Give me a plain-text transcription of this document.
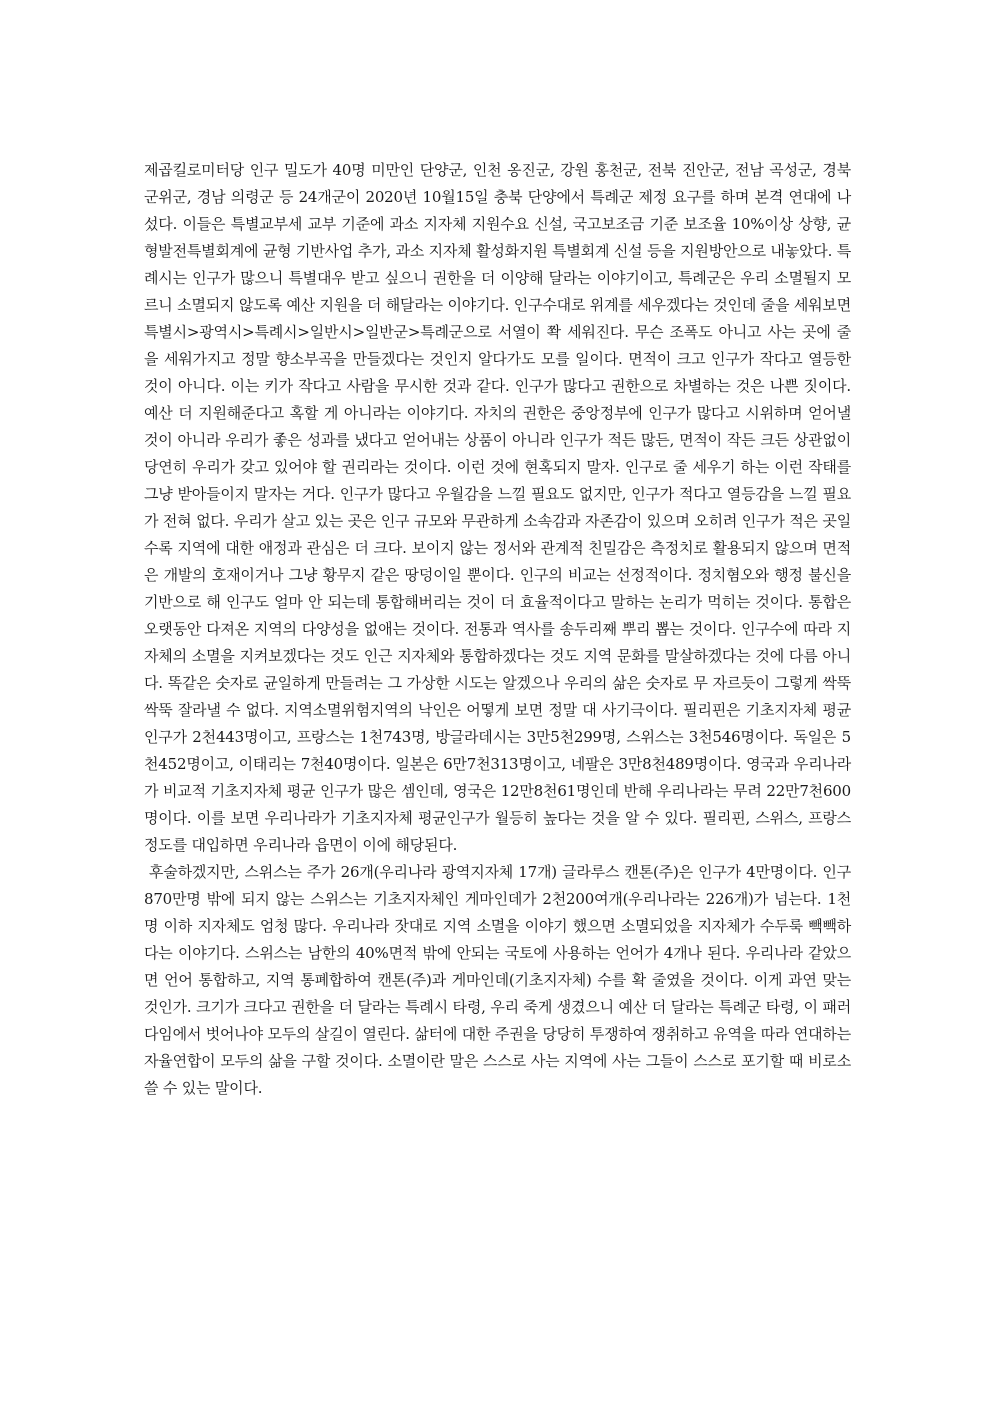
제곱킬로미터당 인구 밀도가 40명 미만인 단양군, 인천 옹진군, 강원 홍천군, 전북 진안군, 전남 곡성군, 경북 군위군, 경남 의령군 등 24개군이 2020년 10월15일 충북 단양에서 특례군 제정 요구를 하며 본격 연대에 나섰다. 이들은 특별교부세 교부 기준에 과소 지자체 지원수요 신설, 국고보조금 기준 보조율 10%이상 상향, 균형발전특별회계에 균형 기반사업 추가, 과소 지자체 활성화지원 특별회계 신설 등을 지원방안으로 내놓았다. 특례시는 인구가 많으니 특별대우 받고 싶으니 권한을 더 이양해 달라는 이야기이고, 특례군은 우리 소멸될지 모르니 소멸되지 않도록 예산 지원을 더 해달라는 이야기다. 인구수대로 위계를 세우겠다는 것인데 줄을 세워보면 특별시>광역시>특례시>일반시>일반군>특례군으로 서열이 쫙 세워진다. 무슨 조폭도 아니고 사는 곳에 줄을 세워가지고 정말 향소부곡을 만들겠다는 것인지 알다가도 모를 일이다. 면적이 크고 인구가 작다고 열등한 것이 아니다. 이는 키가 작다고 사람을 무시한 것과 같다. 인구가 많다고 권한으로 차별하는 것은 나쁜 짓이다. 예산 더 지원해준다고 혹할 게 아니라는 이야기다. 자치의 권한은 중앙정부에 인구가 많다고 시위하며 얻어낼 것이 아니라 우리가 좋은 성과를 냈다고 얻어내는 상품이 아니라 인구가 적든 많든, 면적이 작든 크든 상관없이 당연히 우리가 갖고 있어야 할 권리라는 것이다. 이런 것에 현혹되지 말자. 인구로 줄 세우기 하는 이런 작태를 그냥 받아들이지 말자는 거다. 인구가 많다고 우월감을 느낄 필요도 없지만, 인구가 적다고 열등감을 느낄 필요가 전혀 없다. 우리가 살고 있는 곳은 인구 규모와 무관하게 소속감과 자존감이 있으며 오히려 인구가 적은 곳일수록 지역에 대한 애정과 관심은 더 크다. 보이지 않는 정서와 관계적 친밀감은 측정치로 활용되지 않으며 면적은 개발의 호재이거나 그냥 황무지 같은 땅덩이일 뿐이다. 인구의 비교는 선정적이다. 정치혐오와 행정 불신을 기반으로 해 인구도 얼마 안 되는데 통합해버리는 것이 더 효율적이다고 말하는 논리가 먹히는 것이다. 통합은 오랫동안 다져온 지역의 다양성을 없애는 것이다. 전통과 역사를 송두리째 뿌리 뽑는 것이다. 인구수에 따라 지자체의 소멸을 지켜보겠다는 것도 인근 지자체와 통합하겠다는 것도 지역 문화를 말살하겠다는 것에 다름 아니다. 똑같은 숫자로 균일하게 만들려는 그 가상한 시도는 알겠으나 우리의 삶은 숫자로 무 자르듯이 그렇게 싹뚝싹뚝 잘라낼 수 없다. 지역소멸위험지역의 낙인은 어떻게 보면 정말 대 사기극이다. 필리핀은 기초지자체 평균 인구가 2천443명이고, 프랑스는 1천743명, 방글라데시는 3만5천299명, 스위스는 3천546명이다. 독일은 5천452명이고, 이태리는 7천40명이다. 일본은 6만7천313명이고, 네팔은 3만8천489명이다. 영국과 우리나라가 비교적 기초지자체 평균 인구가 많은 셈인데, 영국은 12만8천61명인데 반해 우리나라는 무려 22만7천600명이다. 이를 보면 우리나라가 기초지자체 평균인구가 월등히 높다는 것을 알 수 있다. 필리핀, 스위스, 프랑스 정도를 대입하면 우리나라 읍면이 이에 해당된다.

후술하겠지만, 스위스는 주가 26개(우리나라 광역지자체 17개) 글라루스 캔톤(주)은 인구가 4만명이다. 인구 870만명 밖에 되지 않는 스위스는 기초지자체인 게마인데가 2천200여개(우리나라는 226개)가 넘는다. 1천명 이하 지자체도 엄청 많다. 우리나라 잣대로 지역 소멸을 이야기 했으면 소멸되었을 지자체가 수두룩 빽빽하다는 이야기다. 스위스는 남한의 40%면적 밖에 안되는 국토에 사용하는 언어가 4개나 된다. 우리나라 같았으면 언어 통합하고, 지역 통폐합하여 캔톤(주)과 게마인데(기초지자체) 수를 확 줄였을 것이다. 이게 과연 맞는 것인가. 크기가 크다고 권한을 더 달라는 특례시 타령, 우리 죽게 생겼으니 예산 더 달라는 특례군 타령, 이 패러다임에서 벗어나야 모두의 살길이 열린다. 삶터에 대한 주권을 당당히 투쟁하여 쟁취하고 유역을 따라 연대하는 자율연합이 모두의 삶을 구할 것이다. 소멸이란 말은 스스로 사는 지역에 사는 그들이 스스로 포기할 때 비로소 쓸 수 있는 말이다.
